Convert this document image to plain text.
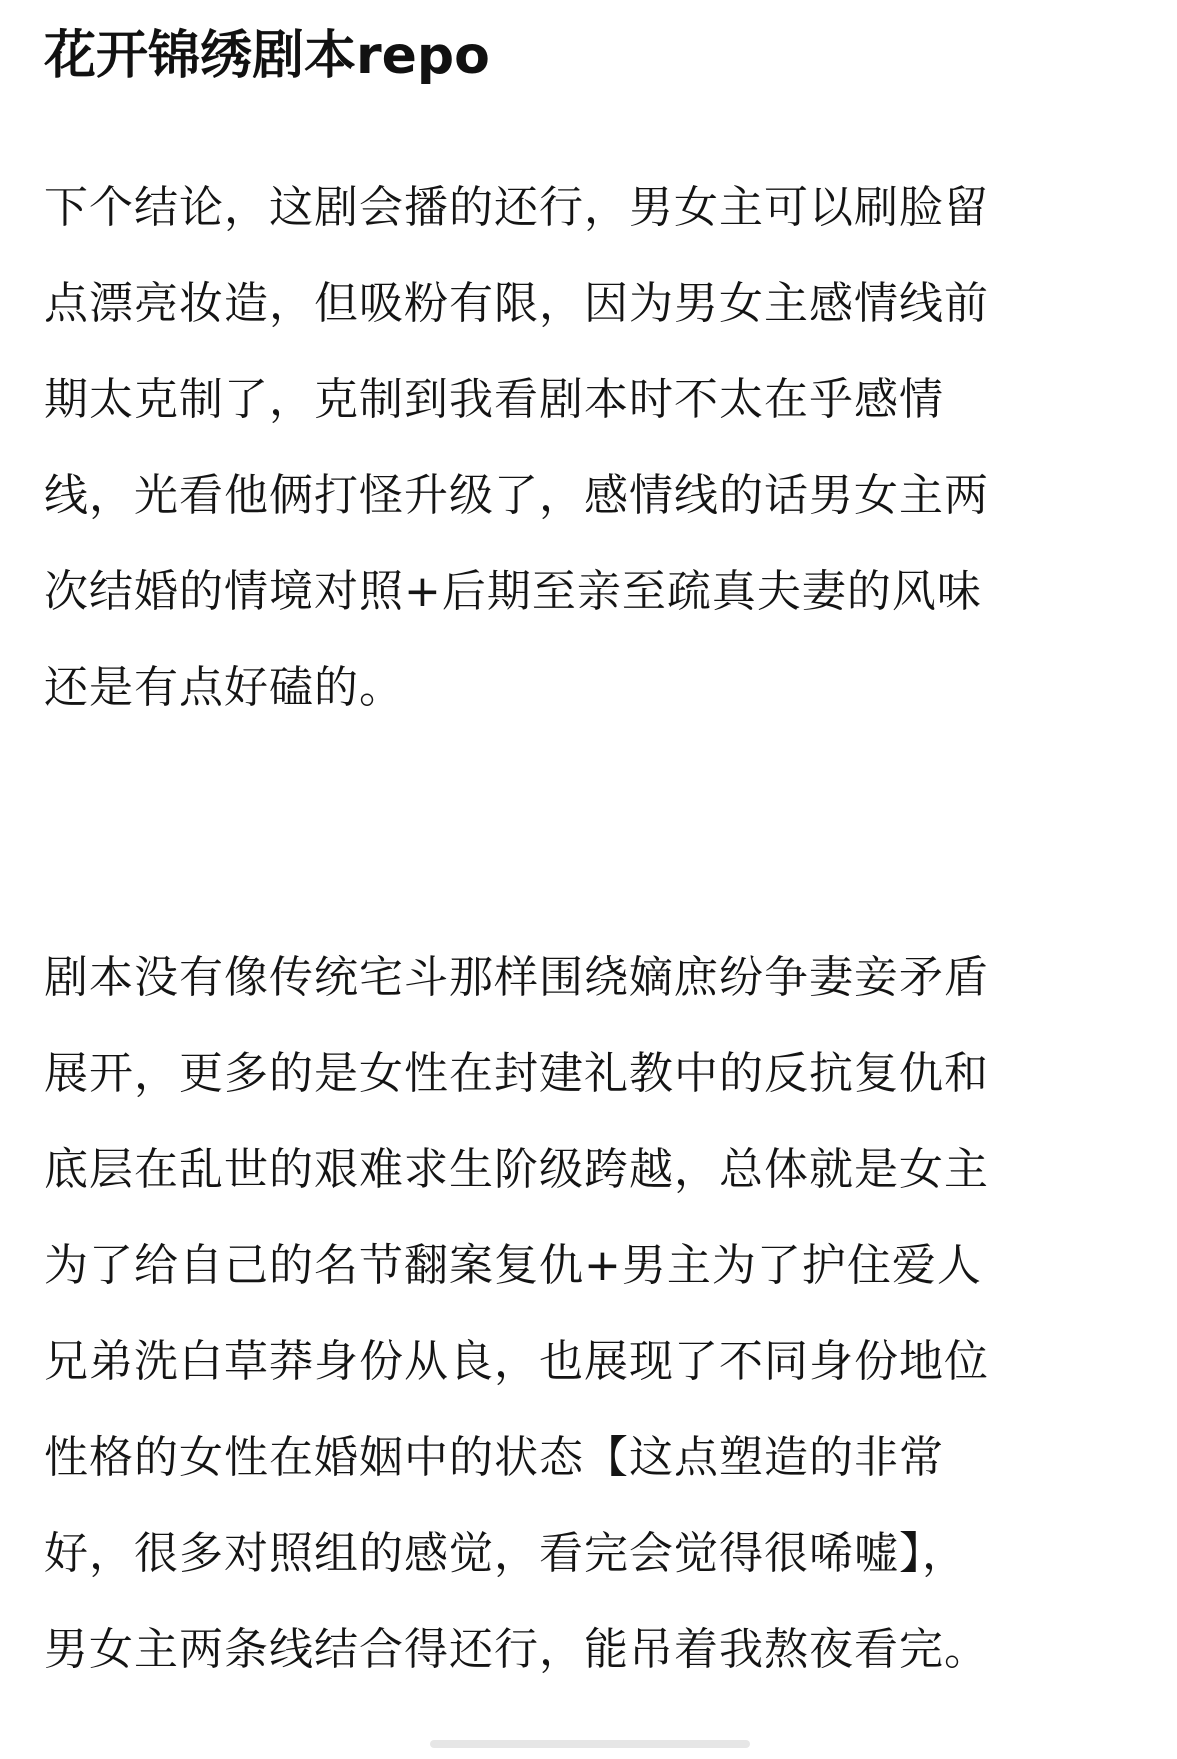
花开锦绣剧本repo
下个结论，这剧会播的还行，男女主可以刷脸留
点漂亮妆造，但吸粉有限，因为男女主感情线前
期太克制了，克制到我看剧本时不太在乎感情
线，光看他俩打怪升级了，感情线的话男女主两
次结婚的情境对照+后期至亲至疏真夫妻的风味
还是有点好磕的。
剧本没有像传统宅斗那样围绕嫡庶纷争妻妾矛盾
展开，更多的是女性在封建礼教中的反抗复仇和
底层在乱世的艰难求生阶级跨越，总体就是女主
为了给自己的名节翻案复仇+男主为了护住爱人
兄弟洗白草莽身份从良，也展现了不同身份地位
性格的女性在婚姻中的状态【这点塑造的非常
好，很多对照组的感觉，看完会觉得很唏嘘】，
男女主两条线结合得还行，能吊着我熬夜看完。
